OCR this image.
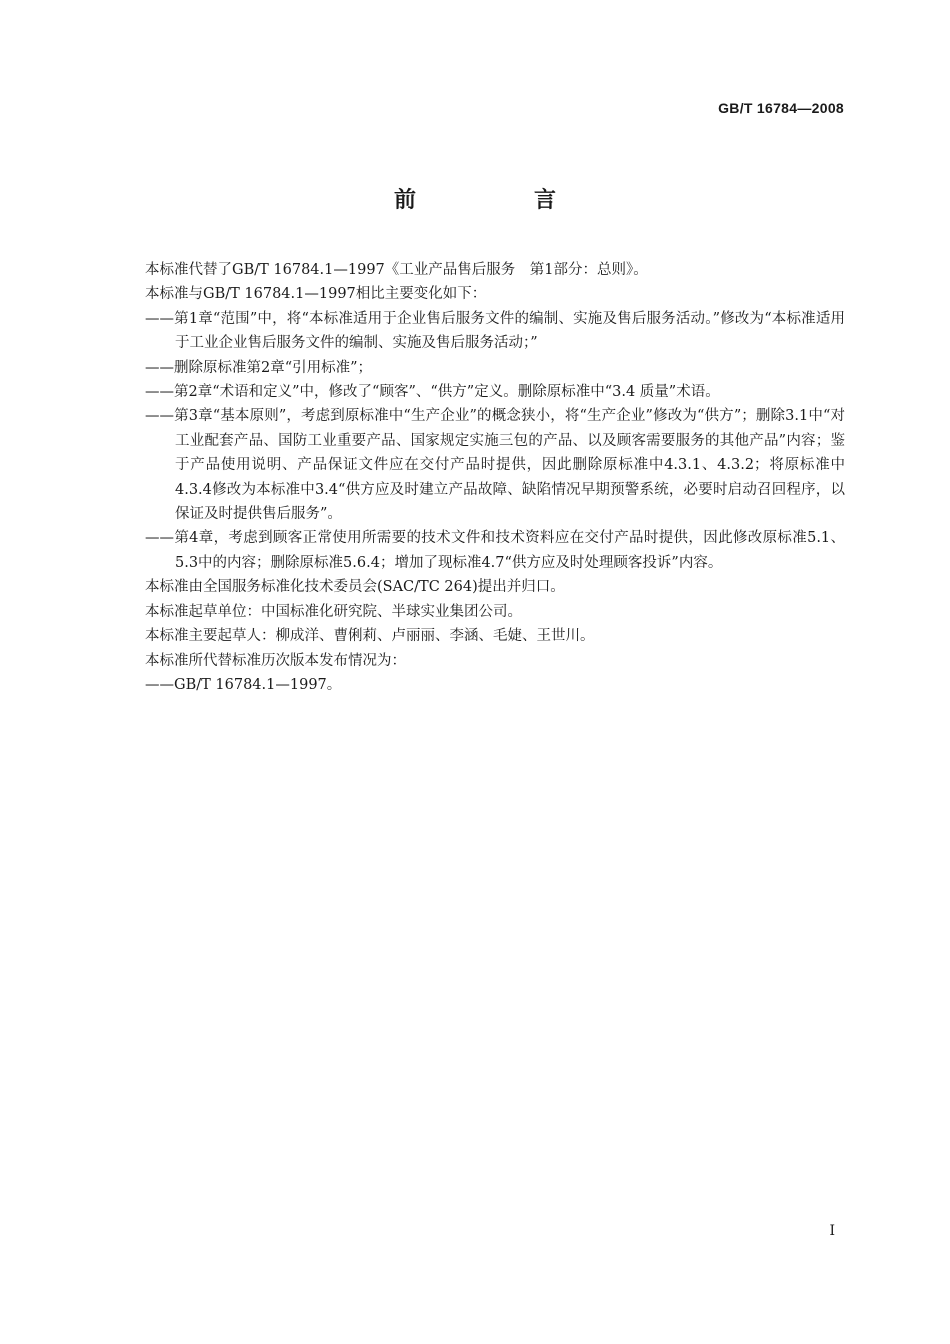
GB/T 16784—2008
前　言

本标准代替了GB/T 16784.1—1997《工业产品售后服务　第1部分：总则》。

本标准与GB/T 16784.1—1997相比主要变化如下：

——第1章“范围”中，将“本标准适用于企业售后服务文件的编制、实施及售后服务活动。”修改为“本标准适用于工业企业售后服务文件的编制、实施及售后服务活动；”

——删除原标准第2章“引用标准”；

——第2章“术语和定义”中，修改了“顾客”、“供方”定义。删除原标准中“3.4 质量”术语。

——第3章“基本原则”，考虑到原标准中“生产企业”的概念狭小，将“生产企业”修改为“供方”；删除3.1中“对工业配套产品、国防工业重要产品、国家规定实施三包的产品、以及顾客需要服务的其他产品”内容；鉴于产品使用说明、产品保证文件应在交付产品时提供，因此删除原标准中4.3.1、4.3.2；将原标准中4.3.4修改为本标准中3.4“供方应及时建立产品故障、缺陷情况早期预警系统，必要时启动召回程序，以保证及时提供售后服务”。

——第4章，考虑到顾客正常使用所需要的技术文件和技术资料应在交付产品时提供，因此修改原标准5.1、5.3中的内容；删除原标准5.6.4；增加了现标准4.7“供方应及时处理顾客投诉”内容。

本标准由全国服务标准化技术委员会(SAC/TC 264)提出并归口。

本标准起草单位：中国标准化研究院、半球实业集团公司。

本标准主要起草人：柳成洋、曹俐莉、卢丽丽、李涵、毛婕、王世川。

本标准所代替标准历次版本发布情况为：

——GB/T 16784.1—1997。

I
